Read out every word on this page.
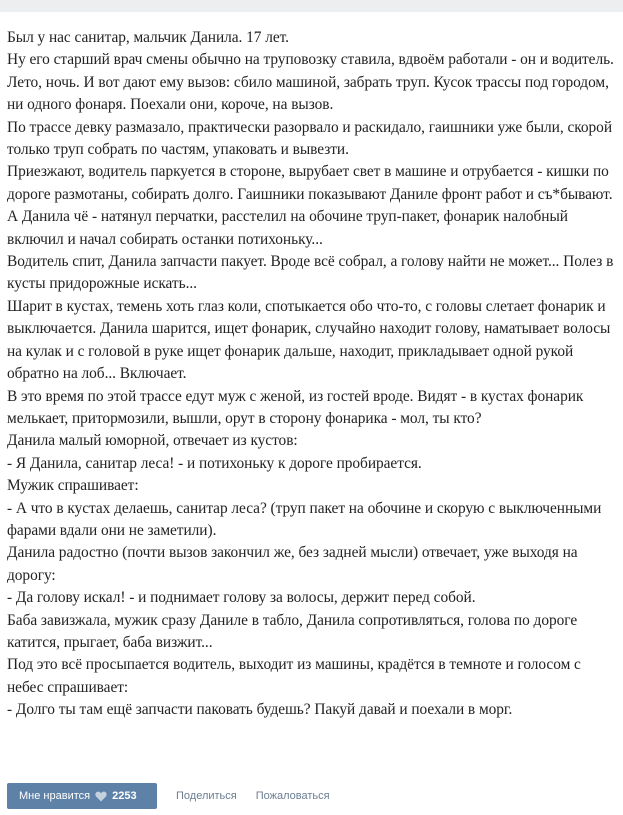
Был у нас санитар, мальчик Данила. 17 лет.

Ну его старший врач смены обычно на труповозку ставила, вдвоём работали - он и водитель.

Лето, ночь. И вот дают ему вызов: сбило машиной, забрать труп. Кусок трассы под городом, ни одного фонаря. Поехали они, короче, на вызов.

По трассе девку размазало, практически разорвало и раскидало, гаишники уже были, скорой только труп собрать по частям, упаковать и вывезти.

Приезжают, водитель паркуется в стороне, вырубает свет в машине и отрубается - кишки по дороге размотаны, собирать долго. Гаишники показывают Даниле фронт работ и съ*бывают. А Данила чё - натянул перчатки, расстелил на обочине труп-пакет, фонарик налобный включил и начал собирать останки потихоньку...

Водитель спит, Данила запчасти пакует. Вроде всё собрал, а голову найти не может... Полез в кусты придорожные искать...

Шарит в кустах, темень хоть глаз коли, спотыкается обо что-то, с головы слетает фонарик и выключается. Данила шарится, ищет фонарик, случайно находит голову, наматывает волосы на кулак и с головой в руке ищет фонарик дальше, находит, прикладывает одной рукой обратно на лоб... Включает.

В это время по этой трассе едут муж с женой, из гостей вроде. Видят - в кустах фонарик мелькает, притормозили, вышли, орут в сторону фонарика - мол, ты кто?

Данила малый юморной, отвечает из кустов:

- Я Данила, санитар леса! - и потихоньку к дороге пробирается.

Мужик спрашивает:

- А что в кустах делаешь, санитар леса? (труп пакет на обочине и скорую с выключенными фарами вдали они не заметили).

Данила радостно (почти вызов закончил же, без задней мысли) отвечает, уже выходя на дорогу:

- Да голову искал! - и поднимает голову за волосы, держит перед собой.

Баба завизжала, мужик сразу Даниле в табло, Данила сопротивляться, голова по дороге катится, прыгает, баба визжит...

Под это всё просыпается водитель, выходит из машины, крадётся в темноте и голосом с небес спрашивает:

- Долго ты там ещё запчасти паковать будешь? Пакуй давай и поехали в морг.

Мне нравится 2253	Поделиться Пожаловаться
